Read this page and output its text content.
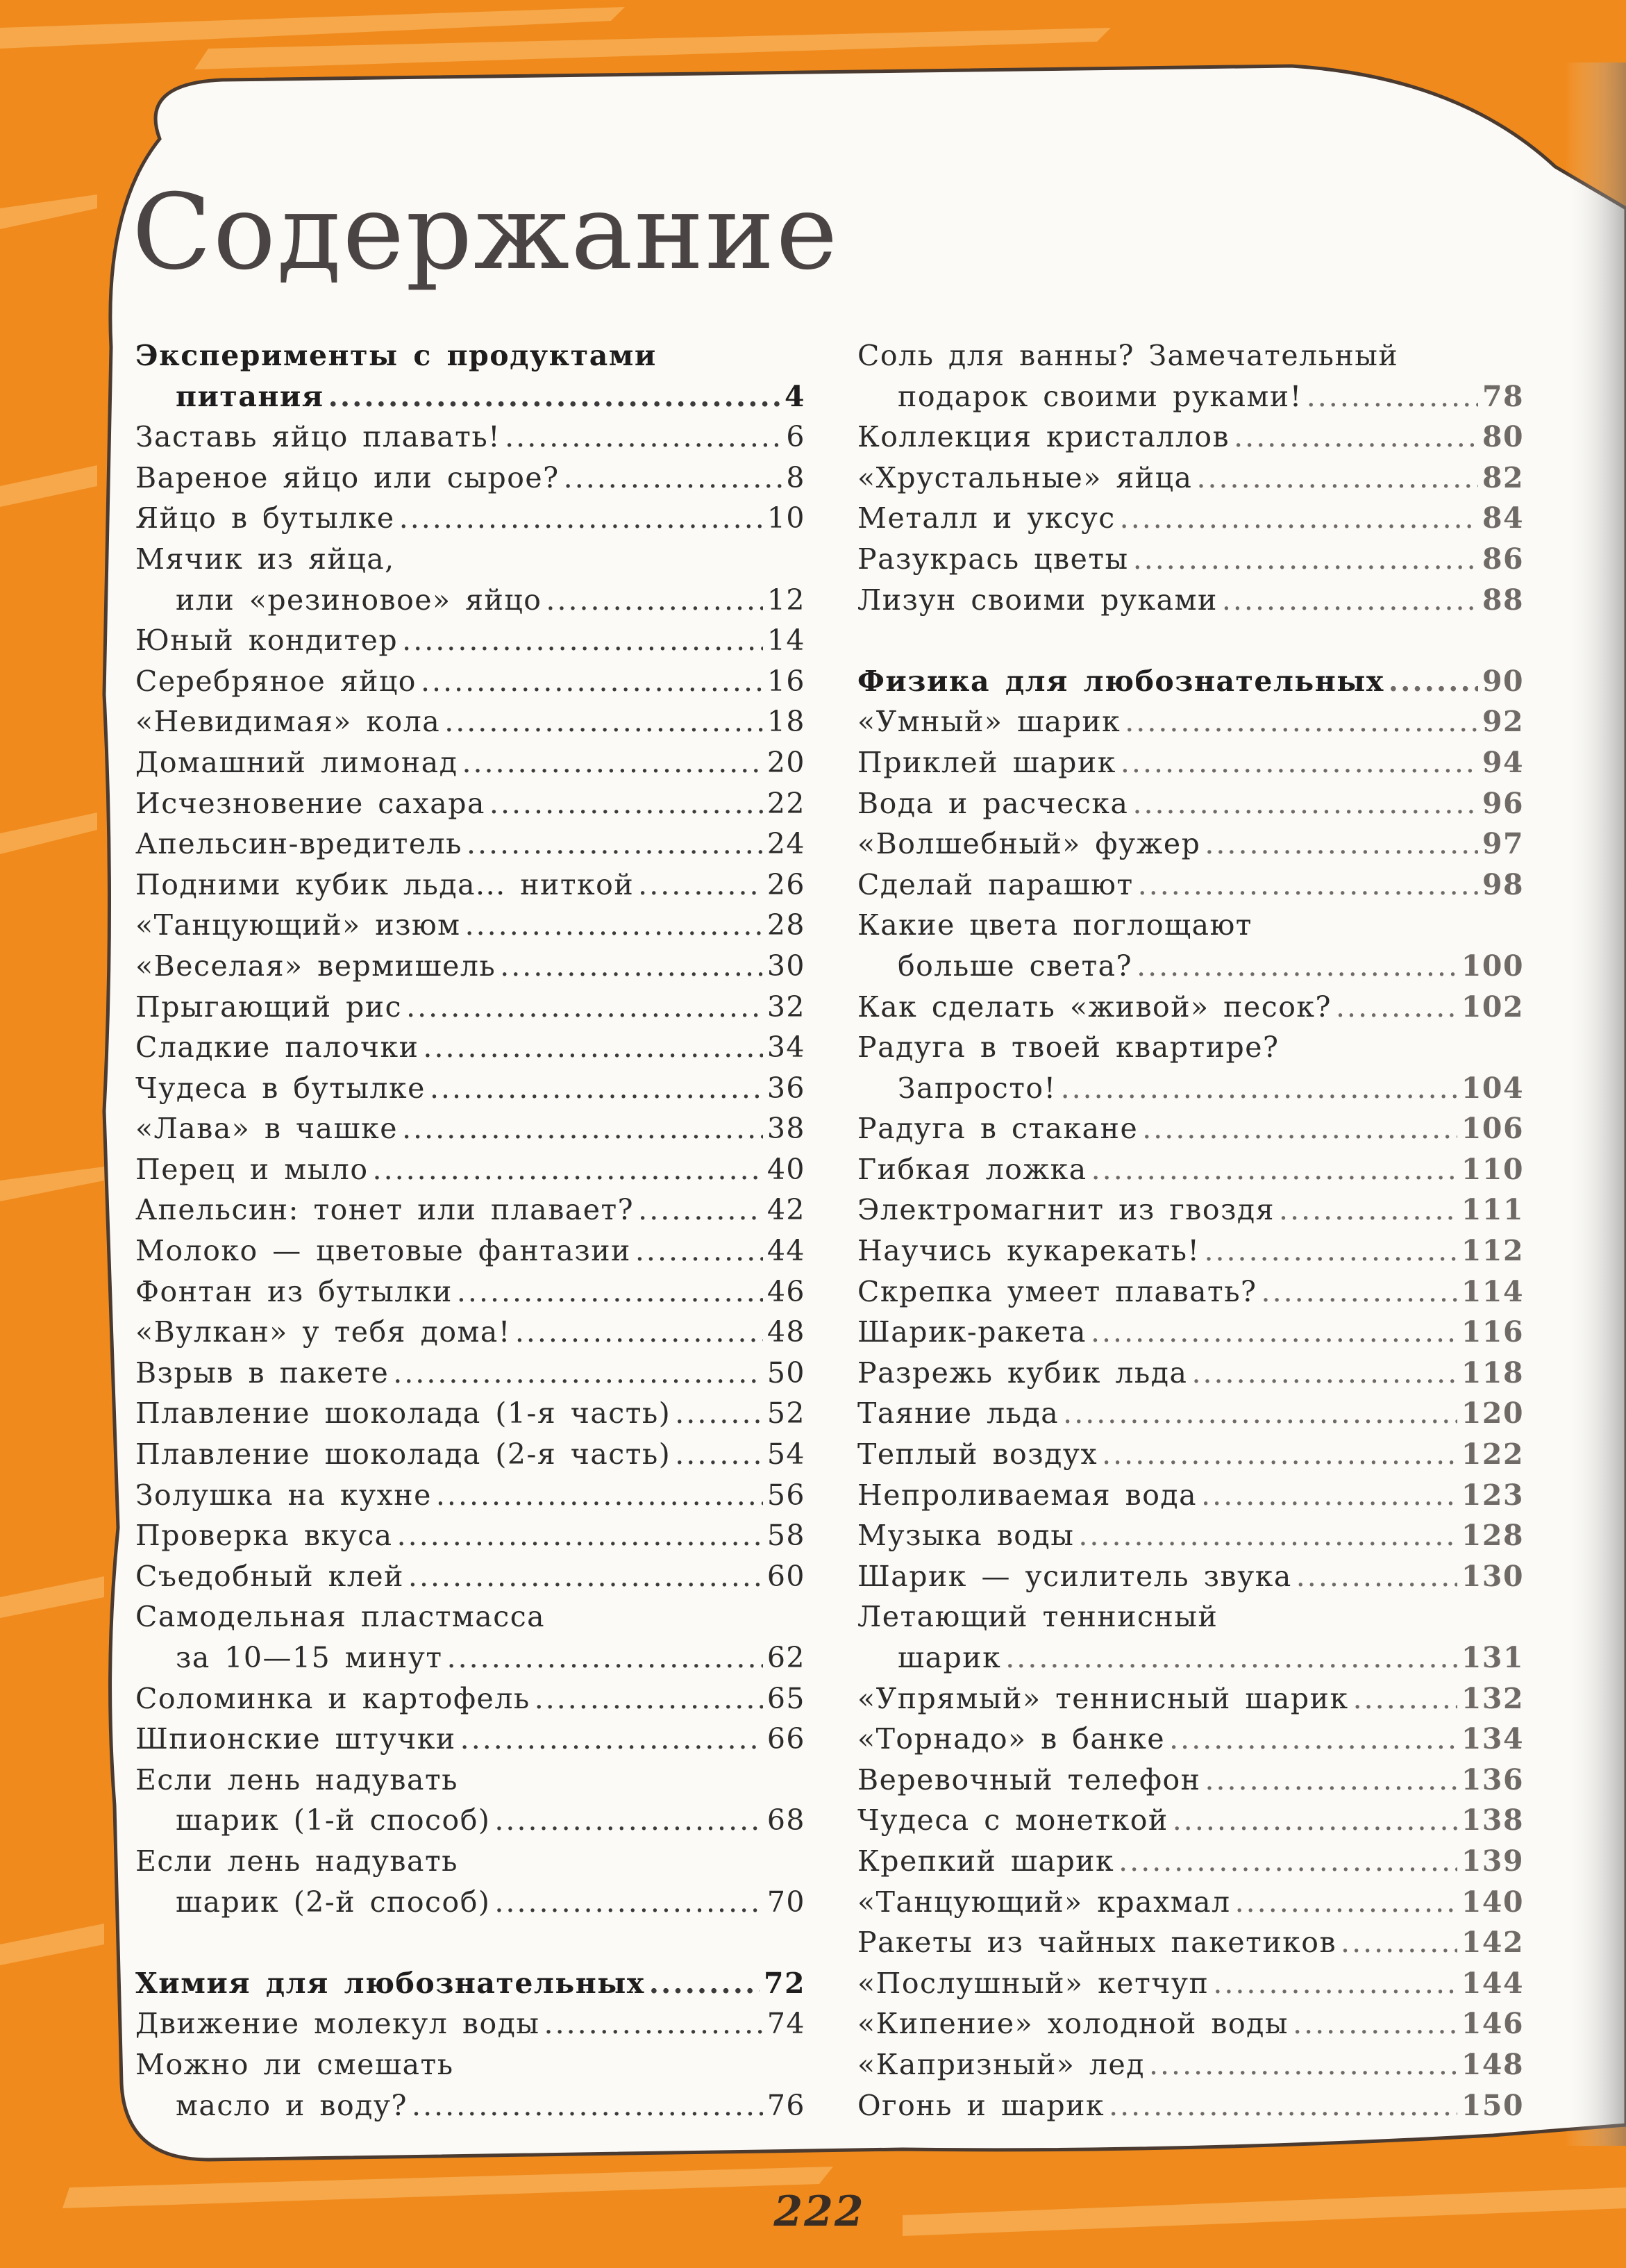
Содержание
Эксперименты с продуктами
питания .....	4
Заставь яйцо плавать! .....	6
Вареное яйцо или сырое? .....	8
Яйцо в бутылке .....	10
Мячик из яйца,
или «резиновое» яйцо .....	12
Юный кондитер .....	14
Серебряное яйцо .....	16
«Невидимая» кола .....	18
Домашний лимонад .....	20
Исчезновение сахара .....	22
Апельсин-вредитель .....	24
Подними кубик льда... ниткой .....	26
«Танцующий» изюм .....	28
«Веселая» вермишель .....	30
Прыгающий рис .....	32
Сладкие палочки .....	34
Чудеса в бутылке .....	36
«Лава» в чашке .....	38
Перец и мыло .....	40
Апельсин: тонет или плавает? .....	42
Молоко — цветовые фантазии .....	44
Фонтан из бутылки .....	46
«Вулкан» у тебя дома! .....	48
Взрыв в пакете .....	50
Плавление шоколада (1-я часть) .....	52
Плавление шоколада (2-я часть) .....	54
Золушка на кухне .....	56
Проверка вкуса .....	58
Съедобный клей .....	60
Самодельная пластмасса
за 10—15 минут .....	62
Соломинка и картофель .....	65
Шпионские штучки .....	66
Если лень надувать
шарик (1-й способ) .....	68
Если лень надувать
шарик (2-й способ) .....	70
Химия для любознательных .....	72
Движение молекул воды .....	74
Можно ли смешать
масло и воду? .....	76
Соль для ванны? Замечательный
подарок своими руками! .....	78
Коллекция кристаллов .....	80
«Хрустальные» яйца .....	82
Металл и уксус .....	84
Разукрась цветы .....	86
Лизун своими руками .....	88
Физика для любознательных .....	90
«Умный» шарик .....	92
Приклей шарик .....	94
Вода и расческа .....	96
«Волшебный» фужер .....	97
Сделай парашют .....	98
Какие цвета поглощают
больше света? .....	100
Как сделать «живой» песок? .....	102
Радуга в твоей квартире?
Запросто! .....	104
Радуга в стакане .....	106
Гибкая ложка .....	110
Электромагнит из гвоздя .....	111
Научись кукарекать! .....	112
Скрепка умеет плавать? .....	114
Шарик-ракета .....	116
Разрежь кубик льда .....	118
Таяние льда .....	120
Теплый воздух .....	122
Непроливаемая вода .....	123
Музыка воды .....	128
Шарик — усилитель звука .....	130
Летающий теннисный
шарик .....	131
«Упрямый» теннисный шарик .....	132
«Торнадо» в банке .....	134
Веревочный телефон .....	136
Чудеса с монеткой .....	138
Крепкий шарик .....	139
«Танцующий» крахмал .....	140
Ракеты из чайных пакетиков .....	142
«Послушный» кетчуп .....	144
«Кипение» холодной воды .....	146
«Капризный» лед .....	148
Огонь и шарик .....	150
222
